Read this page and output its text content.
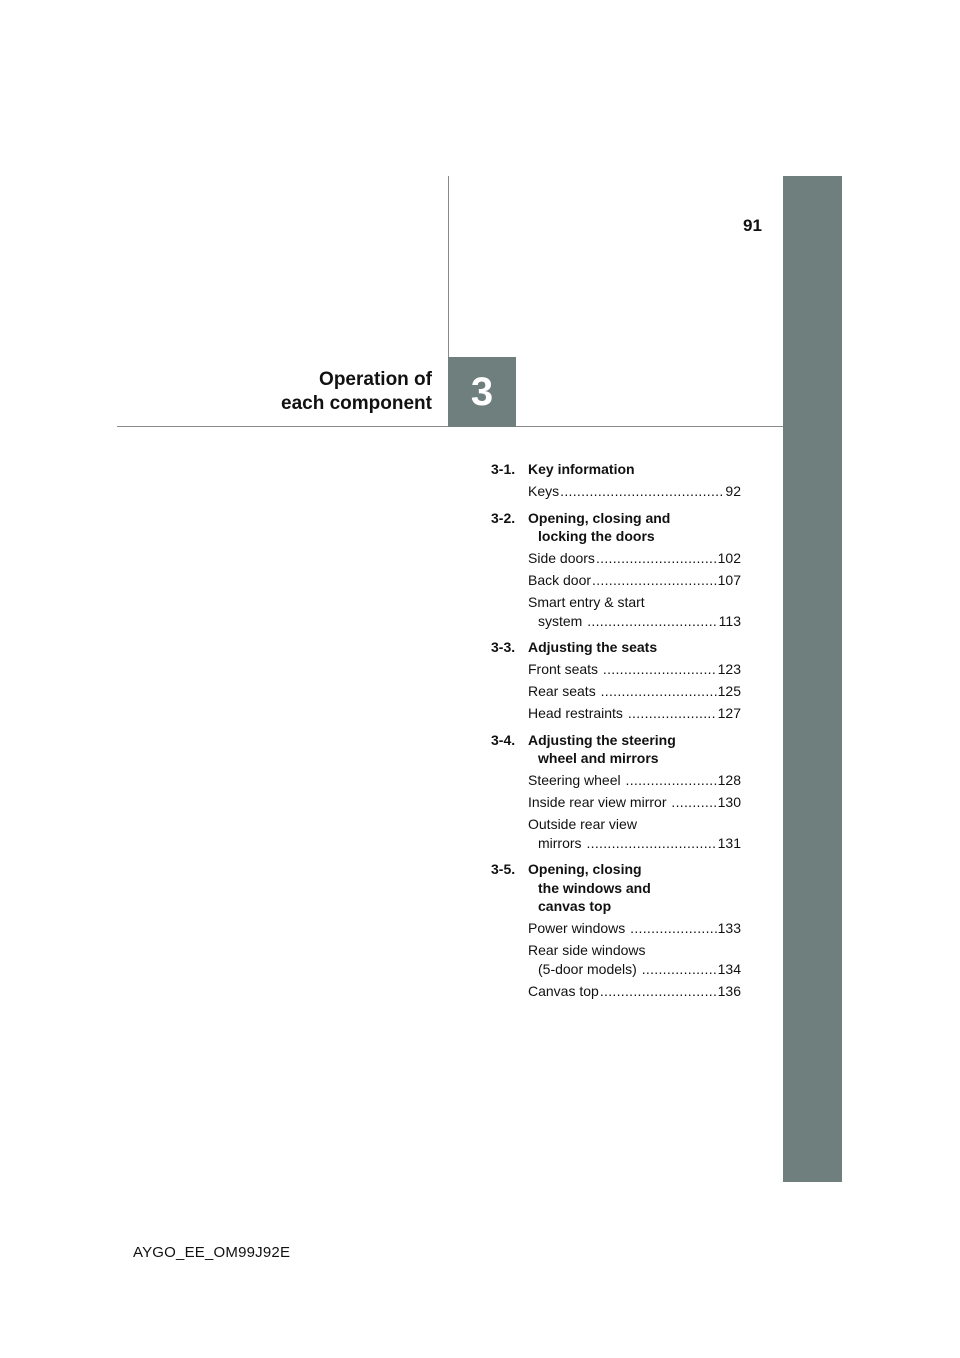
91
Operation of
each component 3
3-1. Key information
Keys .....	92
3-2. Opening, closing and
locking the doors
Side doors .....	102
Back door .....	107
Smart entry & start
system .....	113
3-3. Adjusting the seats
Front seats .....	123
Rear seats .....	125
Head restraints .....	127
3-4. Adjusting the steering
wheel and mirrors
Steering wheel .....	128
Inside rear view mirror .....	130
Outside rear view
mirrors .....	131
3-5. Opening, closing
the windows and
canvas top
Power windows .....	133
Rear side windows
(5-door models) .....	134
Canvas top .....	136
AYGO_EE_OM99J92E
